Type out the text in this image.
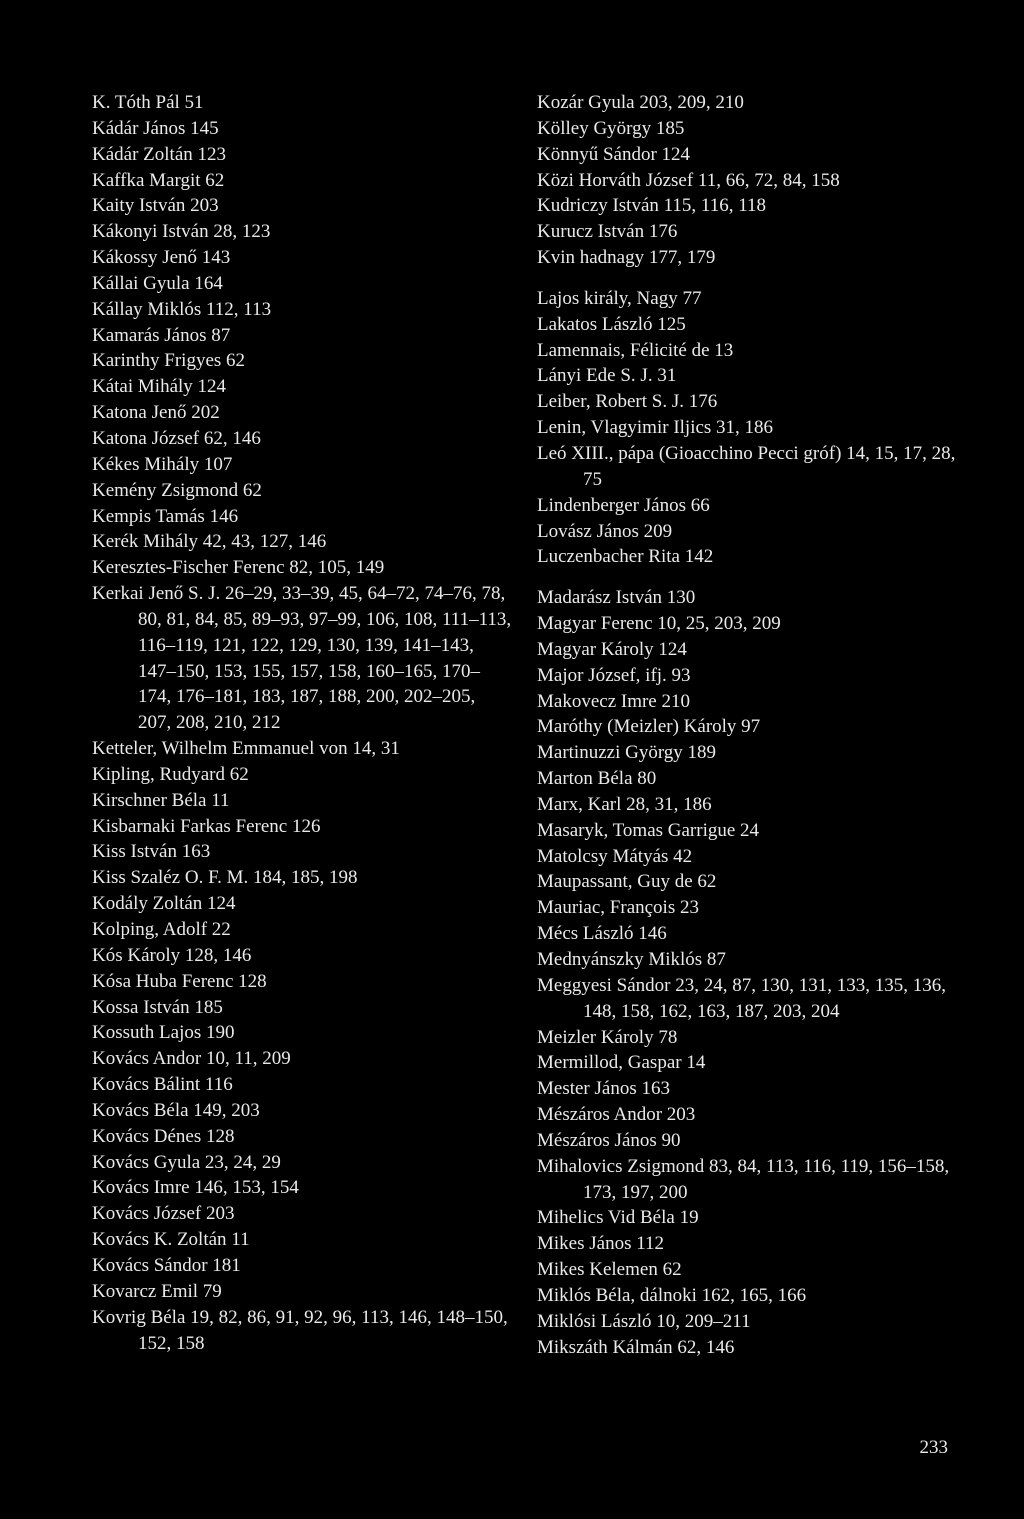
K. Tóth Pál 51
Kádár János 145
Kádár Zoltán 123
Kaffka Margit 62
Kaity István 203
Kákonyi István 28, 123
Kákossy Jenő 143
Kállai Gyula 164
Kállay Miklós 112, 113
Kamarás János 87
Karinthy Frigyes 62
Kátai Mihály 124
Katona Jenő 202
Katona József 62, 146
Kékes Mihály 107
Kemény Zsigmond 62
Kempis Tamás 146
Kerék Mihály 42, 43, 127, 146
Keresztes-Fischer Ferenc 82, 105, 149
Kerkai Jenő S. J. 26–29, 33–39, 45, 64–72, 74–76, 78, 80, 81, 84, 85, 89–93, 97–99, 106, 108, 111–113, 116–119, 121, 122, 129, 130, 139, 141–143, 147–150, 153, 155, 157, 158, 160–165, 170–174, 176–181, 183, 187, 188, 200, 202–205, 207, 208, 210, 212
Ketteler, Wilhelm Emmanuel von 14, 31
Kipling, Rudyard 62
Kirschner Béla 11
Kisbarnaki Farkas Ferenc 126
Kiss István 163
Kiss Szaléz O. F. M. 184, 185, 198
Kodály Zoltán 124
Kolping, Adolf 22
Kós Károly 128, 146
Kósa Huba Ferenc 128
Kossa István 185
Kossuth Lajos 190
Kovács Andor 10, 11, 209
Kovács Bálint 116
Kovács Béla 149, 203
Kovács Dénes 128
Kovács Gyula 23, 24, 29
Kovács Imre 146, 153, 154
Kovács József 203
Kovács K. Zoltán 11
Kovács Sándor 181
Kovarcz Emil 79
Kovrig Béla 19, 82, 86, 91, 92, 96, 113, 146, 148–150, 152, 158
Kozár Gyula 203, 209, 210
Kölley György 185
Könnyű Sándor 124
Közi Horváth József 11, 66, 72, 84, 158
Kudriczy István 115, 116, 118
Kurucz István 176
Kvin hadnagy 177, 179
Lajos király, Nagy 77
Lakatos László 125
Lamennais, Félicité de 13
Lányi Ede S. J. 31
Leiber, Robert S. J. 176
Lenin, Vlagyimir Iljics 31, 186
Leó XIII., pápa (Gioacchino Pecci gróf) 14, 15, 17, 28, 75
Lindenberger János 66
Lovász János 209
Luczenbacher Rita 142
Madarász István 130
Magyar Ferenc 10, 25, 203, 209
Magyar Károly 124
Major József, ifj. 93
Makovecz Imre 210
Maróthy (Meizler) Károly 97
Martinuzzi György 189
Marton Béla 80
Marx, Karl 28, 31, 186
Masaryk, Tomas Garrigue 24
Matolcsy Mátyás 42
Maupassant, Guy de 62
Mauriac, François 23
Mécs László 146
Mednyánszky Miklós 87
Meggyesi Sándor 23, 24, 87, 130, 131, 133, 135, 136, 148, 158, 162, 163, 187, 203, 204
Meizler Károly 78
Mermillod, Gaspar 14
Mester János 163
Mészáros Andor 203
Mészáros János 90
Mihalovics Zsigmond 83, 84, 113, 116, 119, 156–158, 173, 197, 200
Mihelics Vid Béla 19
Mikes János 112
Mikes Kelemen 62
Miklós Béla, dálnoki 162, 165, 166
Miklósi László 10, 209–211
Mikszáth Kálmán 62, 146
233
